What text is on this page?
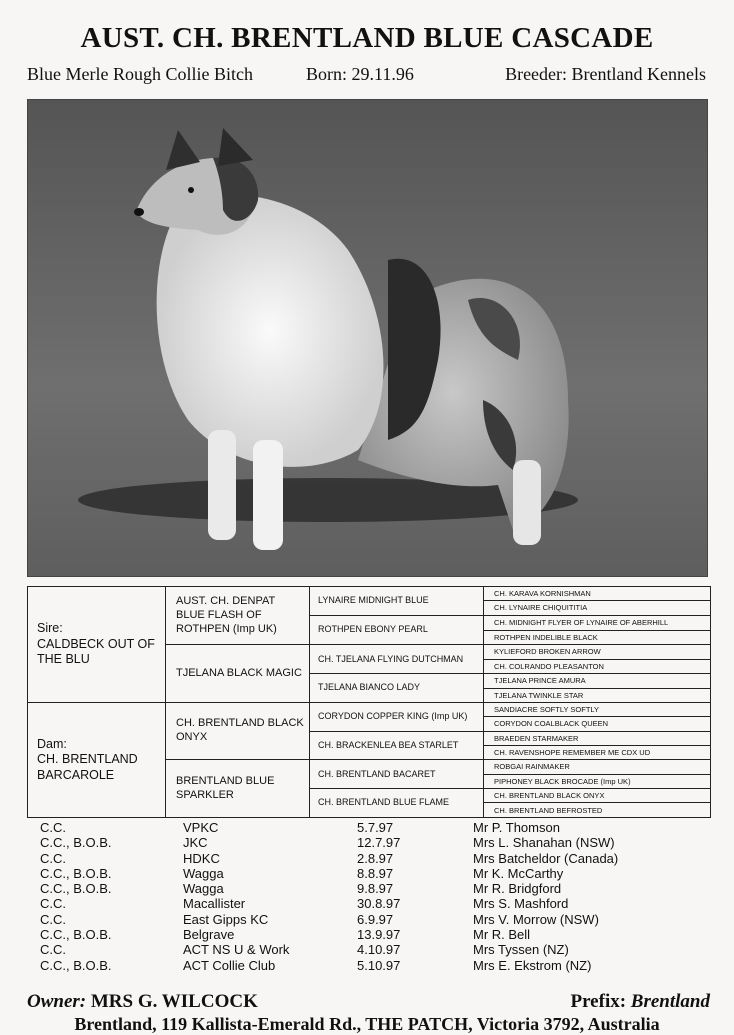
AUST. CH. BRENTLAND BLUE CASCADE
Blue Merle Rough Collie Bitch	Born: 29.11.96	Breeder: Brentland Kennels
Sire:
CALDBECK OUT OF THE BLU	AUST. CH. DENPAT BLUE FLASH OF ROTHPEN (Imp UK)	LYNAIRE MIDNIGHT BLUE	CH. KARAVA KORNISHMAN
			CH. LYNAIRE CHIQUITITIA
		ROTHPEN EBONY PEARL	CH. MIDNIGHT FLYER OF LYNAIRE OF ABERHILL
			ROTHPEN INDELIBLE BLACK
	TJELANA BLACK MAGIC	CH. TJELANA FLYING DUTCHMAN	KYLIEFORD BROKEN ARROW
			CH. COLRANDO PLEASANTON
		TJELANA BIANCO LADY	TJELANA PRINCE AMURA
			TJELANA TWINKLE STAR

Dam:
CH. BRENTLAND BARCAROLE	CH. BRENTLAND BLACK ONYX	CORYDON COPPER KING (Imp UK)	SANDIACRE SOFTLY SOFTLY
			CORYDON COALBLACK QUEEN
		CH. BRACKENLEA BEA STARLET	BRAEDEN STARMAKER
			CH. RAVENSHOPE REMEMBER ME CDX UD
	BRENTLAND BLUE SPARKLER	CH. BRENTLAND BACARET	ROBGAI RAINMAKER
			PIPHONEY BLACK BROCADE (Imp UK)
		CH. BRENTLAND BLUE FLAME	CH. BRENTLAND BLACK ONYX
			CH. BRENTLAND BEFROSTED
C.C.	VPKC	5.7.97	Mr P. Thomson
C.C., B.O.B.	JKC	12.7.97	Mrs L. Shanahan (NSW)
C.C.	HDKC	2.8.97	Mrs Batcheldor (Canada)
C.C., B.O.B.	Wagga	8.8.97	Mr K. McCarthy
C.C., B.O.B.	Wagga	9.8.97	Mr R. Bridgford
C.C.	Macallister	30.8.97	Mrs S. Mashford
C.C.	East Gipps KC	6.9.97	Mrs V. Morrow (NSW)
C.C., B.O.B.	Belgrave	13.9.97	Mr R. Bell
C.C.	ACT NS U & Work	4.10.97	Mrs Tyssen (NZ)
C.C., B.O.B.	ACT Collie Club	5.10.97	Mrs E. Ekstrom (NZ)
Owner: MRS G. WILCOCK	Prefix: Brentland
Brentland, 119 Kallista-Emerald Rd., THE PATCH, Victoria 3792, Australia
